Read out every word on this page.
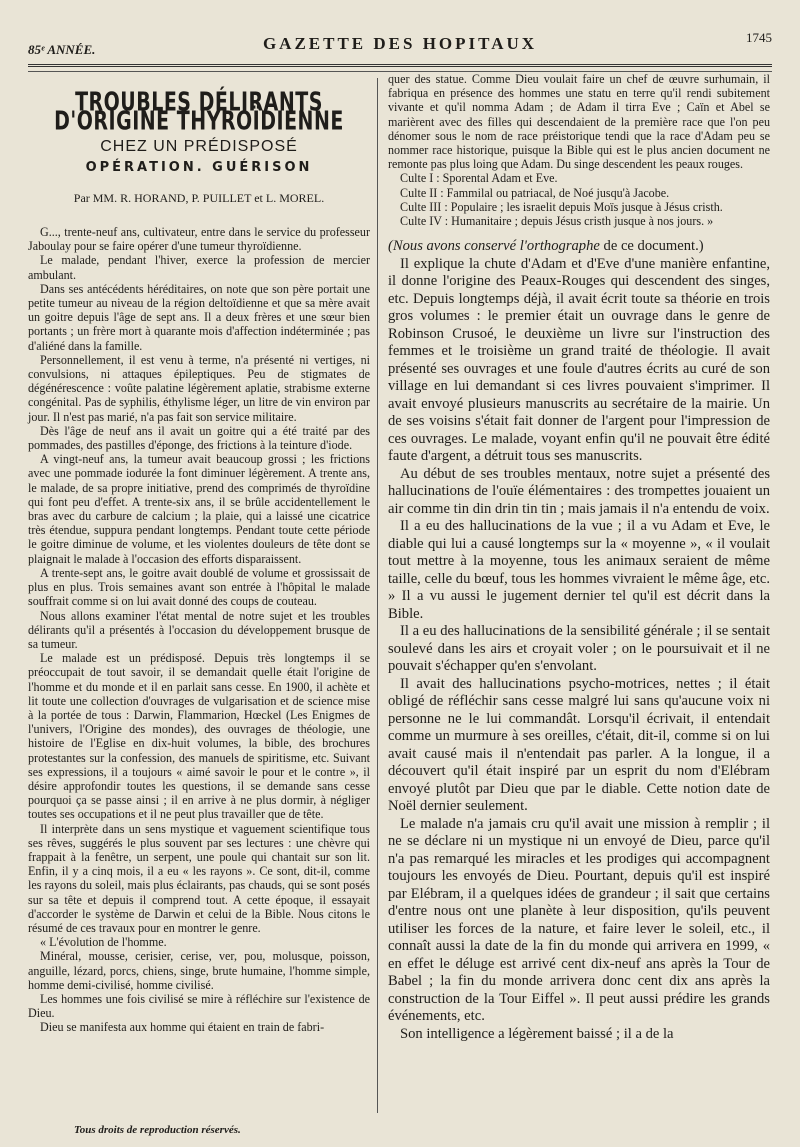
85ᵉ ANNÉE.	GAZETTE DES HOPITAUX	1745
TROUBLES DÉLIRANTS D'ORIGINE THYROÏDIENNE
CHEZ UN PRÉDISPOSÉ
OPÉRATION. GUÉRISON
Par MM. R. HORAND, P. PUILLET et L. MOREL.

G..., trente-neuf ans, cultivateur, entre dans le service du professeur Jaboulay pour se faire opérer d'une tumeur thyroïdienne.

Le malade, pendant l'hiver, exerce la profession de mercier ambulant.

Dans ses antécédents héréditaires, on note que son père portait une petite tumeur au niveau de la région deltoïdienne et que sa mère avait un goitre depuis l'âge de sept ans. Il a deux frères et une sœur bien portants ; un frère mort à quarante mois d'affection indéterminée ; pas d'aliéné dans la famille.

Personnellement, il est venu à terme, n'a présenté ni vertiges, ni convulsions, ni attaques épileptiques. Peu de stigmates de dégénérescence : voûte palatine légèrement aplatie, strabisme externe congénital. Pas de syphilis, éthylisme léger, un litre de vin environ par jour. Il n'est pas marié, n'a pas fait son service militaire.

Dès l'âge de neuf ans il avait un goitre qui a été traité par des pommades, des pastilles d'éponge, des frictions à la teinture d'iode.

A vingt-neuf ans, la tumeur avait beaucoup grossi ; les frictions avec une pommade iodurée la font diminuer légèrement. A trente ans, le malade, de sa propre initiative, prend des comprimés de thyroïdine qui font peu d'effet. A trente-six ans, il se brûle accidentellement le bras avec du carbure de calcium ; la plaie, qui a laissé une cicatrice très étendue, suppura pendant longtemps. Pendant toute cette période le goitre diminue de volume, et les violentes douleurs de tête dont se plaignait le malade à l'occasion des efforts disparaissent.

A trente-sept ans, le goitre avait doublé de volume et grossissait de plus en plus. Trois semaines avant son entrée à l'hôpital le malade souffrait comme si on lui avait donné des coups de couteau.

Nous allons examiner l'état mental de notre sujet et les troubles délirants qu'il a présentés à l'occasion du développement brusque de sa tumeur.

Le malade est un prédisposé. Depuis très longtemps il se préoccupait de tout savoir, il se demandait quelle était l'origine de l'homme et du monde et il en parlait sans cesse. En 1900, il achète et lit toute une collection d'ouvrages de vulgarisation et de science mise à la portée de tous : Darwin, Flammarion, Hœckel (Les Enigmes de l'univers, l'Origine des mondes), des ouvrages de théologie, une histoire de l'Eglise en dix-huit volumes, la bible, des brochures protestantes sur la confession, des manuels de spiritisme, etc. Suivant ses expressions, il a toujours « aimé savoir le pour et le contre », il désire approfondir toutes les questions, il se demande sans cesse pourquoi ça se passe ainsi ; il en arrive à ne plus dormir, à négliger toutes ses occupations et il ne peut plus travailler que de tête.

Il interprète dans un sens mystique et vaguement scientifique tous ses rêves, suggérés le plus souvent par ses lectures : une chèvre qui frappait à la fenêtre, un serpent, une poule qui chantait sur son lit. Enfin, il y a cinq mois, il a eu « les rayons ». Ce sont, dit-il, comme les rayons du soleil, mais plus éclairants, pas chauds, qui se sont posés sur sa tête et depuis il comprend tout. A cette époque, il essayait d'accorder le système de Darwin et celui de la Bible. Nous citons le résumé de ces travaux pour en montrer le genre.

« L'évolution de l'homme.

Minéral, mousse, cerisier, cerise, ver, pou, molusque, poisson, anguille, lézard, porcs, chiens, singe, brute humaine, l'homme simple, homme demi-civilisé, homme civilisé.

Les hommes une fois civilisé se mire à réfléchire sur l'existence de Dieu.

Dieu se manifesta aux homme qui étaient en train de fabri-

quer des statue. Comme Dieu voulait faire un chef de œuvre surhumain, il fabriqua en présence des hommes une statu en terre qu'il rendi subitement vivante et qu'il nomma Adam ; de Adam il tirra Eve ; Caïn et Abel se marièrent avec des filles qui descendaient de la première race que l'on peu dénomer sous le nom de race préistorique tendi que la race d'Adam peu se nommer race historique, puisque la Bible qui est le plus ancien document ne remonte pas plus loing que Adam. Du singe descendent les peaux rouges.

Culte I : Sporental Adam et Eve.

Culte II : Fammilal ou patriacal, de Noé jusqu'à Jacobe.

Culte III : Populaire ; les israelit depuis Moïs jusque à Jésus cristh.

Culte IV : Humanitaire ; depuis Jésus cristh jusque à nos jours. »

(Nous avons conservé l'orthographe de ce document.)

Il explique la chute d'Adam et d'Eve d'une manière enfantine, il donne l'origine des Peaux-Rouges qui descendent des singes, etc. Depuis longtemps déjà, il avait écrit toute sa théorie en trois gros volumes : le premier était un ouvrage dans le genre de Robinson Crusoé, le deuxième un livre sur l'instruction des femmes et le troisième un grand traité de théologie. Il avait présenté ses ouvrages et une foule d'autres écrits au curé de son village en lui demandant si ces livres pouvaient s'imprimer. Il avait envoyé plusieurs manuscrits au secrétaire de la mairie. Un de ses voisins s'était fait donner de l'argent pour l'impression de ces ouvrages. Le malade, voyant enfin qu'il ne pouvait être édité faute d'argent, a détruit tous ses manuscrits.

Au début de ses troubles mentaux, notre sujet a présenté des hallucinations de l'ouïe élémentaires : des trompettes jouaient un air comme tin din drin tin tin ; mais jamais il n'a entendu de voix.

Il a eu des hallucinations de la vue ; il a vu Adam et Eve, le diable qui lui a causé longtemps sur la « moyenne », « il voulait tout mettre à la moyenne, tous les animaux seraient de même taille, celle du bœuf, tous les hommes vivraient le même âge, etc. » Il a vu aussi le jugement dernier tel qu'il est décrit dans la Bible.

Il a eu des hallucinations de la sensibilité générale ; il se sentait soulevé dans les airs et croyait voler ; on le poursuivait et il ne pouvait s'échapper qu'en s'envolant.

Il avait des hallucinations psycho-motrices, nettes ; il était obligé de réfléchir sans cesse malgré lui sans qu'aucune voix ni personne ne le lui commandât. Lorsqu'il écrivait, il entendait comme un murmure à ses oreilles, c'était, dit-il, comme si on lui avait causé mais il n'entendait pas parler. A la longue, il a découvert qu'il était inspiré par un esprit du nom d'Elébram envoyé plutôt par Dieu que par le diable. Cette notion date de Noël dernier seulement.

Le malade n'a jamais cru qu'il avait une mission à remplir ; il ne se déclare ni un mystique ni un envoyé de Dieu, parce qu'il n'a pas remarqué les miracles et les prodiges qui accompagnent toujours les envoyés de Dieu. Pourtant, depuis qu'il est inspiré par Elébram, il a quelques idées de grandeur ; il sait que certains d'entre nous ont une planète à leur disposition, qu'ils peuvent utiliser les forces de la nature, et faire lever le soleil, etc., il connaît aussi la date de la fin du monde qui arrivera en 1999, « en effet le déluge est arrivé cent dix-neuf ans après la Tour de Babel ; la fin du monde arrivera donc cent dix ans après la construction de la Tour Eiffel ». Il peut aussi prédire les grands événements, etc.

Son intelligence a légèrement baissé ; il a de la

Tous droits de reproduction réservés.
